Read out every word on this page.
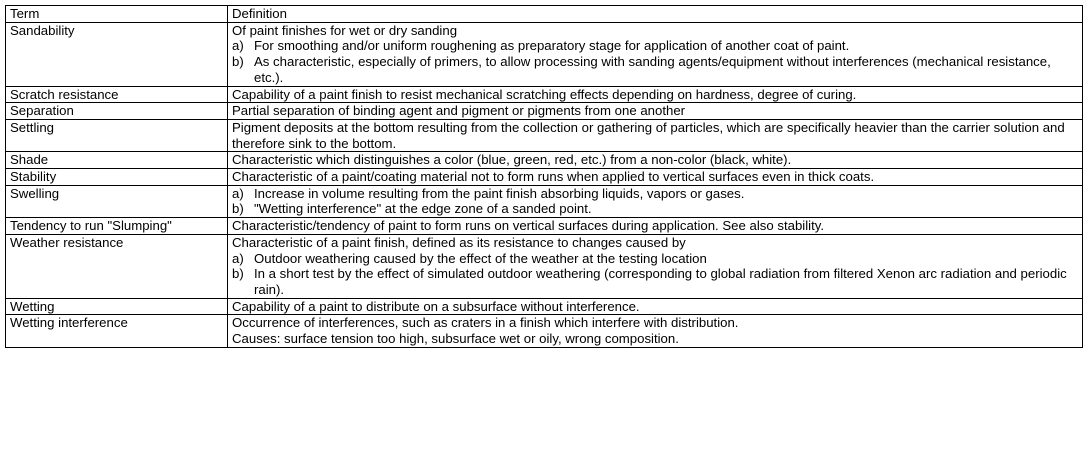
Term	Definition
Sandability	Of paint finishes for wet or dry sanding
a) For smoothing and/or uniform roughening as preparatory stage for application of another coat of paint.
b) As characteristic, especially of primers, to allow processing with sanding agents/equipment without interferences (mechanical resistance, etc.).

Scratch resistance	Capability of a paint finish to resist mechanical scratching effects depending on hardness, degree of curing.
Separation	Partial separation of binding agent and pigment or pigments from one another
Settling	Pigment deposits at the bottom resulting from the collection or gathering of particles, which are specifically heavier than the carrier solution and therefore sink to the bottom.
Shade	Characteristic which distinguishes a color (blue, green, red, etc.) from a non-color (black, white).
Stability	Characteristic of a paint/coating material not to form runs when applied to vertical surfaces even in thick coats.
Swelling	a) Increase in volume resulting from the paint finish absorbing liquids, vapors or gases.
b) "Wetting interference" at the edge zone of a sanded point.

Tendency to run "Slumping"	Characteristic/tendency of paint to form runs on vertical surfaces during application. See also stability.
Weather resistance	Characteristic of a paint finish, defined as its resistance to changes caused by
a) Outdoor weathering caused by the effect of the weather at the testing location
b) In a short test by the effect of simulated outdoor weathering (corresponding to global radiation from filtered Xenon arc radiation and periodic rain).

Wetting	Capability of a paint to distribute on a subsurface without interference.
Wetting interference	Occurrence of interferences, such as craters in a finish which interfere with distribution.
Causes: surface tension too high, subsurface wet or oily, wrong composition.
